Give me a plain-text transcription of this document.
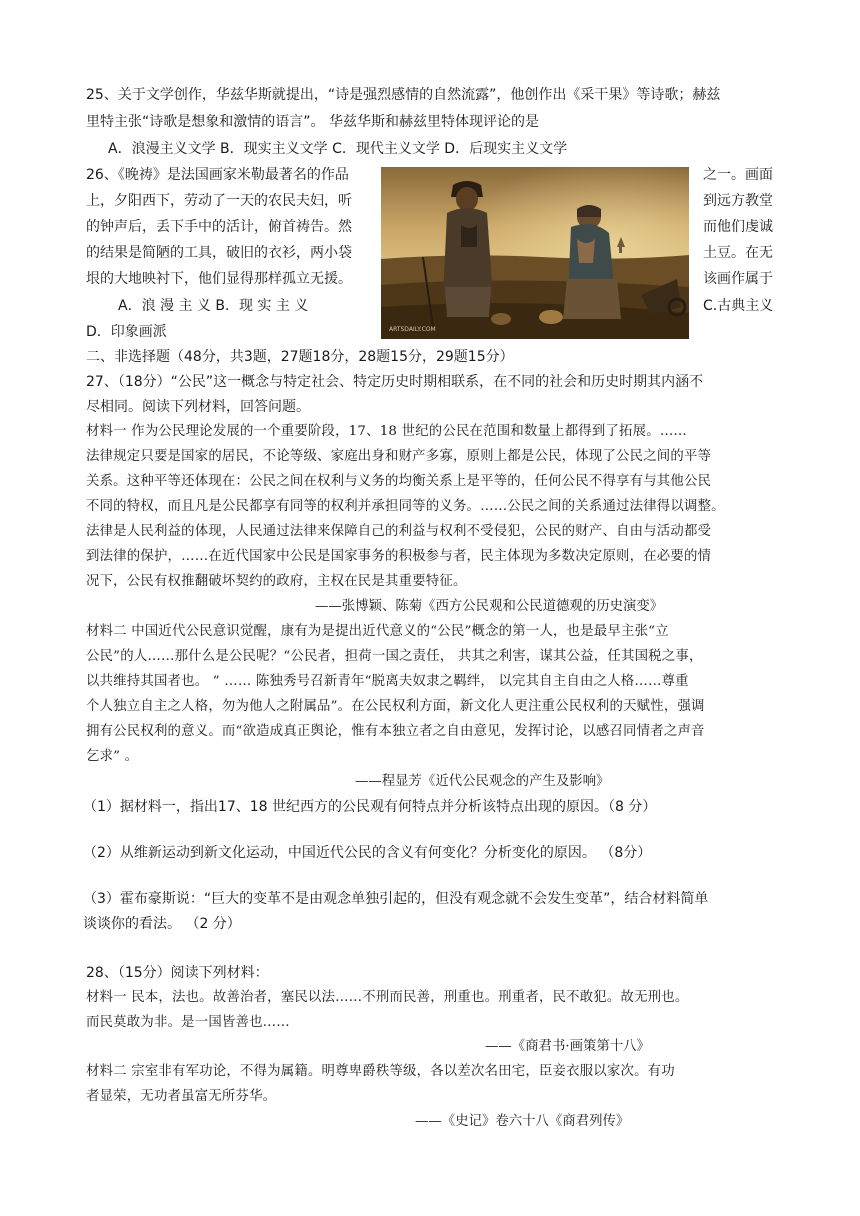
25、关于文学创作，华兹华斯就提出，“诗是强烈感情的自然流露”，他创作出《采干果》等诗歌；赫兹
里特主张“诗歌是想象和激情的语言”。 华兹华斯和赫兹里特体现评论的是
A．浪漫主义文学 B．现实主义文学 C．现代主义文学 D．后现实主义文学
26、《晚祷》是法国画家米勒最著名的作品	之一。画面
上，夕阳西下，劳动了一天的农民夫妇，听	到远方教堂
的钟声后，丢下手中的活计，俯首祷告。然	而他们虔诚
的结果是简陋的工具，破旧的衣衫，两小袋	土豆。在无
垠的大地映衬下，他们显得那样孤立无援。	该画作属于
A．浪 漫 主 义 B．现 实 主 义	C.古典主义
D．印象画派	ARTSDAILY.COM
二、非选择题（48分，共3题，27题18分，28题15分，29题15分）
27、（18分）“公民”这一概念与特定社会、特定历史时期相联系，在不同的社会和历史时期其内涵不
尽相同。阅读下列材料，回答问题。
材料一 作为公民理论发展的一个重要阶段，17、18 世纪的公民在范围和数量上都得到了拓展。……
法律规定只要是国家的居民，不论等级、家庭出身和财产多寡，原则上都是公民，体现了公民之间的平等
关系。这种平等还体现在：公民之间在权利与义务的均衡关系上是平等的，任何公民不得享有与其他公民
不同的特权，而且凡是公民都享有同等的权利并承担同等的义务。……公民之间的关系通过法律得以调整。
法律是人民利益的体现，人民通过法律来保障自己的利益与权利不受侵犯，公民的财产、自由与活动都受
到法律的保护，……在近代国家中公民是国家事务的积极参与者，民主体现为多数决定原则，在必要的情
况下，公民有权推翻破坏契约的政府，主权在民是其重要特征。
——张博颖、陈菊《西方公民观和公民道德观的历史演变》
材料二 中国近代公民意识觉醒，康有为是提出近代意义的“公民”概念的第一人，也是最早主张“立
公民”的人……那什么是公民呢？“公民者，担荷一国之责任， 共其之利害，谋其公益，任其国税之事，
以共维持其国者也。 ” …… 陈独秀号召新青年“脱离夫奴隶之羁绊， 以完其自主自由之人格……尊重
个人独立自主之人格，勿为他人之附属品”。在公民权利方面，新文化人更注重公民权利的天赋性，强调
拥有公民权利的意义。而“欲造成真正舆论，惟有本独立者之自由意见，发挥讨论，以感召同情者之声音
乞求” 。
——程显芳《近代公民观念的产生及影响》
（1）据材料一，指出17、18 世纪西方的公民观有何特点并分析该特点出现的原因。（8 分）
（2）从维新运动到新文化运动，中国近代公民的含义有何变化？分析变化的原因。 （8分）
（3）霍布豪斯说：“巨大的变革不是由观念单独引起的，但没有观念就不会发生变革”，结合材料简单
谈谈你的看法。 （2 分）
28、（15分）阅读下列材料：
材料一 民本，法也。故善治者，塞民以法……不刑而民善，刑重也。刑重者，民不敢犯。故无刑也。
而民莫敢为非。是一国皆善也……
——《商君书·画策第十八》
材料二 宗室非有军功论，不得为属籍。明尊卑爵秩等级，各以差次名田宅，臣妾衣服以家次。有功
者显荣，无功者虽富无所芬华。
——《史记》卷六十八《商君列传》
